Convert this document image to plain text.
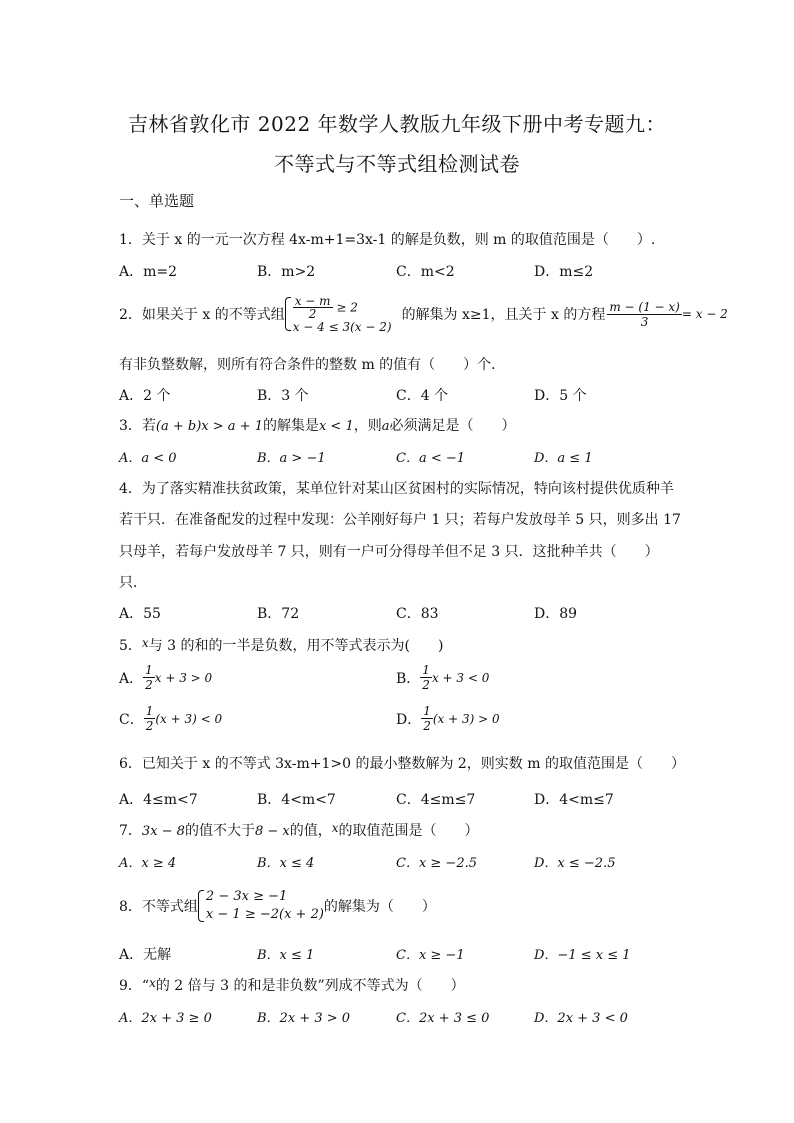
吉林省敦化市 2022 年数学人教版九年级下册中考专题九：
不等式与不等式组检测试卷
一、单选题
1．关于 x 的一元一次方程 4x-m+1=3x-1 的解是负数，则 m 的取值范围是（　　）.
A．m=2	B．m>2	C．m<2	D．m≤2
2．如果关于 x 的不等式组 $\frac{x - m}{2} \ge 2$
x − 4 ≤ 3(x − 2)
的解集为 x≥1，且关于 x 的方程 $\frac{m - (1 - x)}{3} = x - 2$
有非负整数解，则所有符合条件的整数 m 的值有（　　）个．
A．2 个	B．3 个	C．4 个	D．5 个
3．若(a + b)x > a + 1的解集是x < 1，则a必须满足是（　　）
A．a < 0	B．a > −1	C．a < −1	D．a ≤ 1
4．为了落实精准扶贫政策，某单位针对某山区贫困村的实际情况，特向该村提供优质种羊
若干只．在准备配发的过程中发现：公羊刚好每户 1 只；若每户发放母羊 5 只，则多出 17
只母羊，若每户发放母羊 7 只，则有一户可分得母羊但不足 3 只．这批种羊共（　　）
只．
A．55	B．72	C．83	D．89
5．x与 3 的和的一半是负数，用不等式表示为(　　)
A． $\frac{1}{2}$ x + 3 > 0	B． $\frac{1}{2}$ x + 3 < 0
C． $\frac{1}{2} (x + 3) < 0$	D． $\frac{1}{2} (x + 3) > 0$
6．已知关于 x 的不等式 3x-m+1>0 的最小整数解为 2，则实数 m 的取值范围是（　　）
A．4≤m<7	B．4<m<7	C．4≤m≤7	D．4<m≤7
7．3x − 8的值不大于8 − x的值，x的取值范围是（　　）
A．x ≥ 4	B．x ≤ 4	C．x ≥ −2.5	D．x ≤ −2.5
8．不等式组
2 − 3x ≥ −1
x − 1 ≥ −2(x + 2) 的解集为（　　）
A．无解	B．x ≤ 1	C．x ≥ −1	D．−1 ≤ x ≤ 1
9．“x的 2 倍与 3 的和是非负数”列成不等式为（　　）
A．2x + 3 ≥ 0	B．2x + 3 > 0	C．2x + 3 ≤ 0	D．2x + 3 < 0
